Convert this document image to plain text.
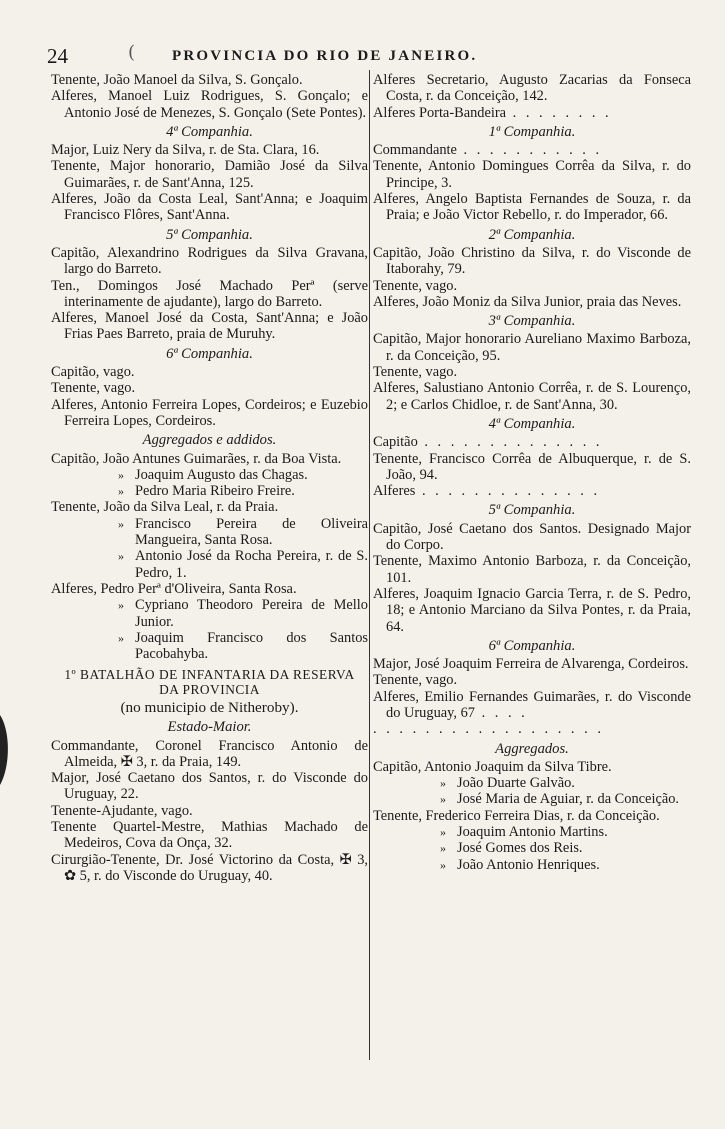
24	( PROVINCIA DO RIO DE JANEIRO.

Tenente, João Manoel da Silva, S. Gonçalo.

Alferes, Manoel Luiz Rodrigues, S. Gonçalo; e Antonio José de Menezes, S. Gonçalo (Sete Pontes).

4ª Companhia.

Major, Luiz Nery da Silva, r. de Sta. Clara, 16.

Tenente, Major honorario, Damião José da Silva Guimarães, r. de Sant'Anna, 125.

Alferes, João da Costa Leal, Sant'Anna; e Joaquim Francisco Flôres, Sant'Anna.

5ª Companhia.

Capitão, Alexandrino Rodrigues da Silva Gravana, largo do Barreto.

Ten., Domingos José Machado Perª (serve interinamente de ajudante), largo do Barreto.

Alferes, Manoel José da Costa, Sant'Anna; e João Frias Paes Barreto, praia de Muruhy.

6ª Companhia.

Capitão, vago.

Tenente, vago.

Alferes, Antonio Ferreira Lopes, Cordeiros; e Euzebio Ferreira Lopes, Cordeiros.

Aggregados e addidos.

Capitão, João Antunes Guimarães, r. da Boa Vista.

» Joaquim Augusto das Chagas.

» Pedro Maria Ribeiro Freire.

Tenente, João da Silva Leal, r. da Praia.

» Francisco Pereira de Oliveira Mangueira, Santa Rosa.

» Antonio José da Rocha Pereira, r. de S. Pedro, 1.

Alferes, Pedro Perª d'Oliveira, Santa Rosa.

» Cypriano Theodoro Pereira de Mello Junior.

» Joaquim Francisco dos Santos Pacobahyba.

1º BATALHÃO DE INFANTARIA DA RESERVA

DA PROVINCIA

(no municipio de Nitheroby).

Estado-Maior.

Commandante, Coronel Francisco Antonio de Almeida, ✠ 3, r. da Praia, 149.

Major, José Caetano dos Santos, r. do Visconde do Uruguay, 22.

Tenente-Ajudante, vago.

Tenente Quartel-Mestre, Mathias Machado de Medeiros, Cova da Onça, 32.

Cirurgião-Tenente, Dr. José Victorino da Costa, ✠ 3, ✿ 5, r. do Visconde do Uruguay, 40.

Alferes Secretario, Augusto Zacarias da Fonseca Costa, r. da Conceição, 142.

Alferes Porta-Bandeira . . . . . . . .

1ª Companhia.

Commandante . . . . . . . . . . .

Tenente, Antonio Domingues Corrêa da Silva, r. do Principe, 3.

Alferes, Angelo Baptista Fernandes de Souza, r. da Praia; e João Victor Rebello, r. do Imperador, 66.

2ª Companhia.

Capitão, João Christino da Silva, r. do Visconde de Itaborahy, 79.

Tenente, vago.

Alferes, João Moniz da Silva Junior, praia das Neves.

3ª Companhia.

Capitão, Major honorario Aureliano Maximo Barboza, r. da Conceição, 95.

Tenente, vago.

Alferes, Salustiano Antonio Corrêa, r. de S. Lourenço, 2; e Carlos Chidloe, r. de Sant'Anna, 30.

4ª Companhia.

Capitão . . . . . . . . . . . . . .

Tenente, Francisco Corrêa de Albuquerque, r. de S. João, 94.

Alferes . . . . . . . . . . . . . .

5ª Companhia.

Capitão, José Caetano dos Santos. Designado Major do Corpo.

Tenente, Maximo Antonio Barboza, r. da Conceição, 101.

Alferes, Joaquim Ignacio Garcia Terra, r. de S. Pedro, 18; e Antonio Marciano da Silva Pontes, r. da Praia, 64.

6ª Companhia.

Major, José Joaquim Ferreira de Alvarenga, Cordeiros.

Tenente, vago.

Alferes, Emilio Fernandes Guimarães, r. do Visconde do Uruguay, 67 . . . .

. . . . . . . . . . . . . . . . . .

Aggregados.

Capitão, Antonio Joaquim da Silva Tibre.

» João Duarte Galvão.

» José Maria de Aguiar, r. da Conceição.

Tenente, Frederico Ferreira Dias, r. da Conceição.

» Joaquim Antonio Martins.

» José Gomes dos Reis.

» João Antonio Henriques.
